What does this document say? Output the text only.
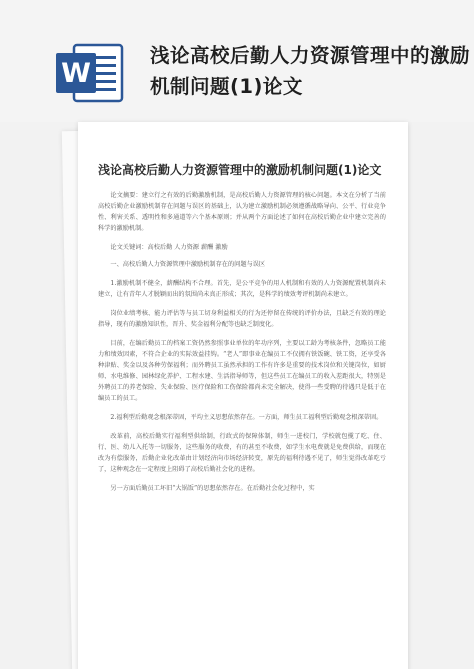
W
浅论高校后勤人力资源管理中的激励机制问题(1)论文
浅论高校后勤人力资源管理中的激励机制问题(1)论文

论文摘要：建立行之有效的后勤激励机制，是高校后勤人力资源管理的核心问题。本文在分析了当前高校后勤企业激励机制存在问题与误区的基础上，认为建立激励机制必须遵循战略导向、公平、行业竞争性、利害关系、透明性和多通道等六个基本原则；并从两个方面论述了如何在高校后勤企业中建立完善的科学的激励机制。

论文关键词：高校后勤 人力资源 薪酬 激励

一、高校后勤人力资源管理中激励机制存在的问题与误区

1.激励机制不健全，薪酬结构不合理。首先，是公平竞争的用人机制和有效的人力资源配置机制尚未建立，让有青年人才脱颖而出的氛围尚未真正形成；其次，是科学的绩效考评机制尚未建立。

岗位业绩考核、能力评估等与员工切身利益相关的行为还停留在传统的评价办法，且缺乏有效的理论指导，现有的激励知识性，晋升、奖金福利分配等也缺乏制度化。

目前，在编后勤员工的档案工资仍然参照事业单位的年功序列，主要以工龄为考核条件，忽略员工能力和绩效因素，不符合企业的实际效益挂钩。“老人”即事业在编员工不仅拥有铁饭碗、铁工资，还享受各种津贴、奖金以及各种劳保福利；而外聘员工虽然承担的工作有许多是重要的技术岗位和关键岗位，如厨师、水电维修、园林绿化养护、工程水建、生活指导师等，但这些员工在编员工的收入差距很大，特别是外聘员工的养老保险、失业保险、医疗保险和工伤保险都尚未完全解决，使得一些受聘的待遇只是低于在编员工的员工。

2.福利型后勤观念根深蒂固，平均主义思想依然存在。一方面，师生员工福利型后勤观念根深蒂固。

改革前，高校后勤实行福利型供给制，行政式的保障体制，师生一进校门，学校就包揽了吃、住、行、医、幼儿入托等一切服务，这些服务的收费，有的甚至不收费，如学生水电费就是免费供给，而现在改为有偿服务，后勤企业化改革由计划经济向市场经济转变，原先的福利待遇不见了，师生觉得改革吃亏了，这种观念在一定程度上阻碍了高校后勤社会化的进程。

另一方面后勤员工坏旧“大锅饭”的思想依然存在。在后勤社会化过程中，实
